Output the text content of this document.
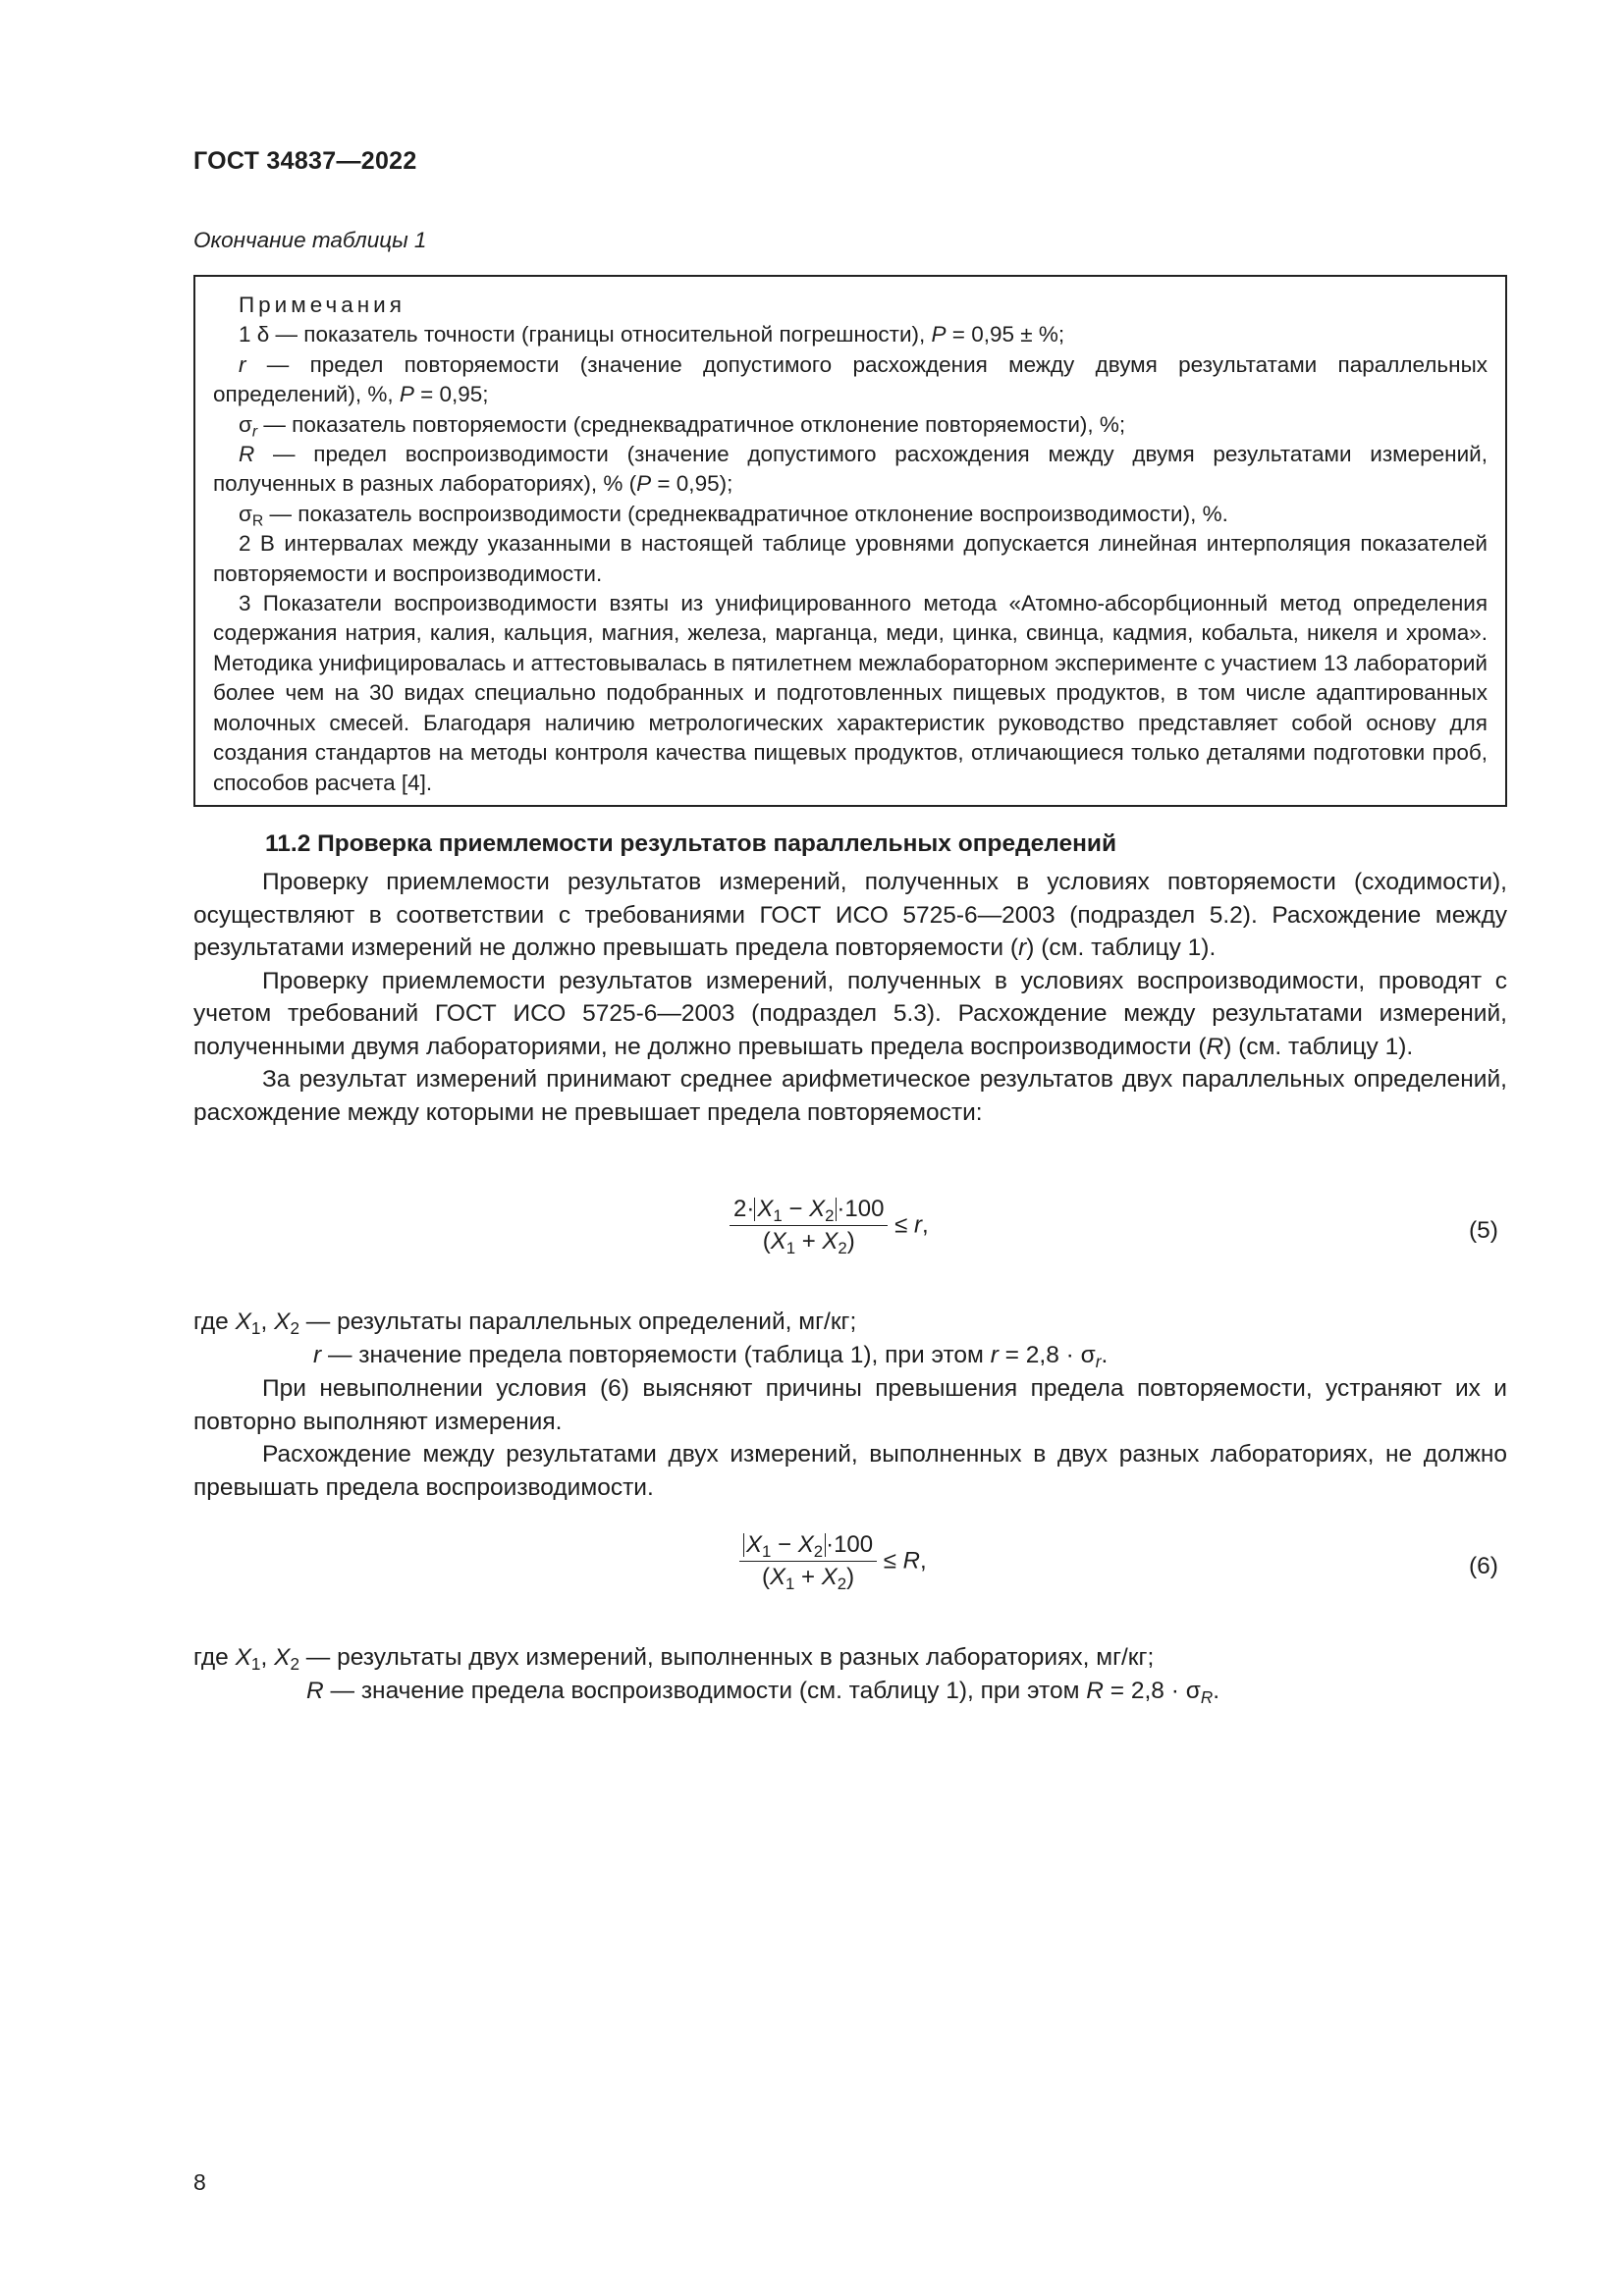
ГОСТ 34837—2022
Окончание таблицы 1

Примечания

1 δ — показатель точности (границы относительной погрешности), P = 0,95 ± %;

r — предел повторяемости (значение допустимого расхождения между двумя результатами параллельных определений), %, P = 0,95;

$\sigma_r$ — показатель повторяемости (среднеквадратичное отклонение повторяемости), %;

R — предел воспроизводимости (значение допустимого расхождения между двумя результатами измерений, полученных в разных лабораториях), % (P = 0,95);

$\sigma_R$ — показатель воспроизводимости (среднеквадратичное отклонение воспроизводимости), %.

2 В интервалах между указанными в настоящей таблице уровнями допускается линейная интерполяция показателей повторяемости и воспроизводимости.

3 Показатели воспроизводимости взяты из унифицированного метода «Атомно-абсорбционный метод определения содержания натрия, калия, кальция, магния, железа, марганца, меди, цинка, свинца, кадмия, кобальта, никеля и хрома». Методика унифицировалась и аттестовывалась в пятилетнем межлабораторном эксперименте с участием 13 лабораторий более чем на 30 видах специально подобранных и подготовленных пищевых продуктов, в том числе адаптированных молочных смесей. Благодаря наличию метрологических характеристик руководство представляет собой основу для создания стандартов на методы контроля качества пищевых продуктов, отличающиеся только деталями подготовки проб, способов расчета [4].

11.2 Проверка приемлемости результатов параллельных определений

Проверку приемлемости результатов измерений, полученных в условиях повторяемости (сходимости), осуществляют в соответствии с требованиями ГОСТ ИСО 5725-6—2003 (подраздел 5.2). Расхождение между результатами измерений не должно превышать предела повторяемости (r) (см. таблицу 1).

Проверку приемлемости результатов измерений, полученных в условиях воспроизводимости, проводят с учетом требований ГОСТ ИСО 5725-6—2003 (подраздел 5.3). Расхождение между результатами измерений, полученными двумя лабораториями, не должно превышать предела воспроизводимости (R) (см. таблицу 1).

За результат измерений принимают среднее арифметическое результатов двух параллельных определений, расхождение между которыми не превышает предела повторяемости:

$\frac{2\cdot X_1 - X_2 \cdot 100}{(X_1 + X_2)} \le r$,	(5)
где $X_1$, $X_2$ — результаты параллельных определений, мг/кг;
r — значение предела повторяемости (таблица 1), при этом $r = 2,8 \cdot \sigma_r$.

При невыполнении условия (6) выясняют причины превышения предела повторяемости, устраняют их и повторно выполняют измерения.

Расхождение между результатами двух измерений, выполненных в двух разных лабораториях, не должно превышать предела воспроизводимости.

$\frac{X_1 - X_2 \cdot 100}{(X_1 + X_2)} \le R$,	(6)
где $X_1$, $X_2$ — результаты двух измерений, выполненных в разных лабораториях, мг/кг;
R — значение предела воспроизводимости (см. таблицу 1), при этом $R = 2,8 \cdot \sigma_R$.
8
